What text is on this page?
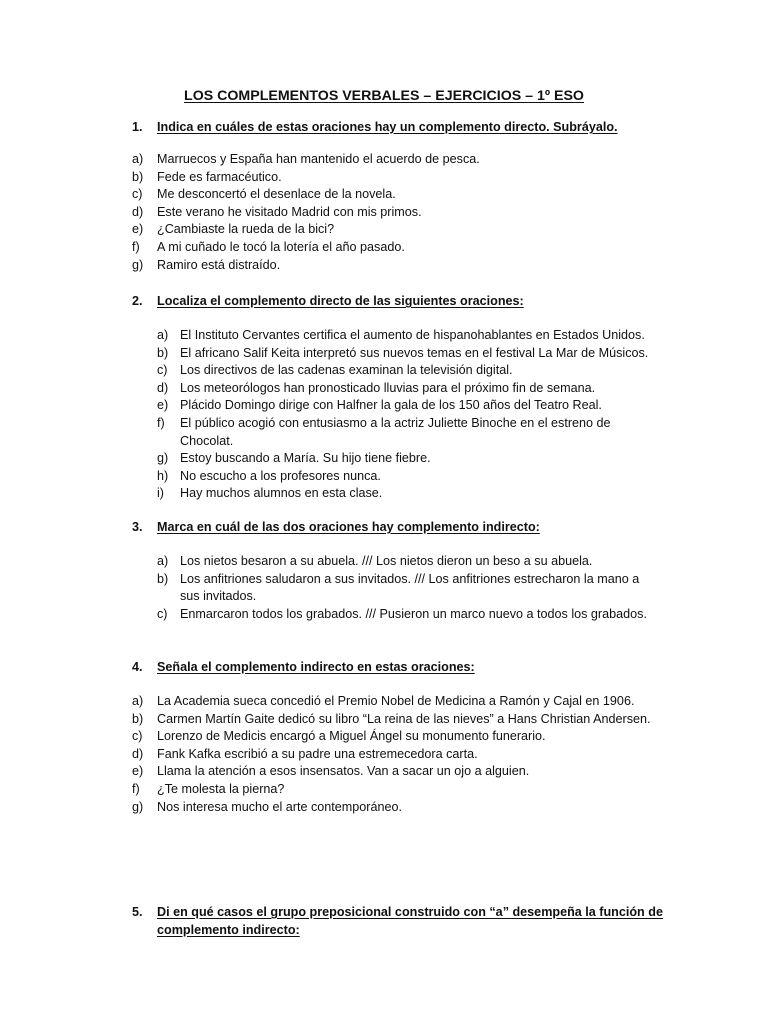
LOS COMPLEMENTOS VERBALES – EJERCICIOS – 1º ESO
1. Indica en cuáles de estas oraciones hay un complemento directo. Subráyalo.
a) Marruecos y España han mantenido el acuerdo de pesca.
b) Fede es farmacéutico.
c) Me desconcertó el desenlace de la novela.
d) Este verano he visitado Madrid con mis primos.
e) ¿Cambiaste la rueda de la bici?
f) A mi cuñado le tocó la lotería el año pasado.
g) Ramiro está distraído.
2. Localiza el complemento directo de las siguientes oraciones:
a) El Instituto Cervantes certifica el aumento de hispanohablantes en Estados Unidos.
b) El africano Salif Keita interpretó sus nuevos temas en el festival La Mar de Músicos.
c) Los directivos de las cadenas examinan la televisión digital.
d) Los meteorólogos han pronosticado lluvias para el próximo fin de semana.
e) Plácido Domingo dirige con Halfner la gala de los 150 años del Teatro Real.
f) El público acogió con entusiasmo a la actriz Juliette Binoche en el estreno de Chocolat.
g) Estoy buscando a María. Su hijo tiene fiebre.
h) No escucho a los profesores nunca.
i) Hay muchos alumnos en esta clase.
3. Marca en cuál de las dos oraciones hay complemento indirecto:
a) Los nietos besaron a su abuela. /// Los nietos dieron un beso a su abuela.
b) Los anfitriones saludaron a sus invitados. /// Los anfitriones estrecharon la mano a sus invitados.
c) Enmarcaron todos los grabados. /// Pusieron un marco nuevo a todos los grabados.
4. Señala el complemento indirecto en estas oraciones:
a) La Academia sueca concedió el Premio Nobel de Medicina a Ramón y Cajal en 1906.
b) Carmen Martín Gaite dedicó su libro “La reina de las nieves” a Hans Christian Andersen.
c) Lorenzo de Medicis encargó a Miguel Ángel su monumento funerario.
d) Fank Kafka escribió a su padre una estremecedora carta.
e) Llama la atención a esos insensatos. Van a sacar un ojo a alguien.
f) ¿Te molesta la pierna?
g) Nos interesa mucho el arte contemporáneo.
5. Di en qué casos el grupo preposicional construido con “a” desempeña la función de complemento indirecto:
